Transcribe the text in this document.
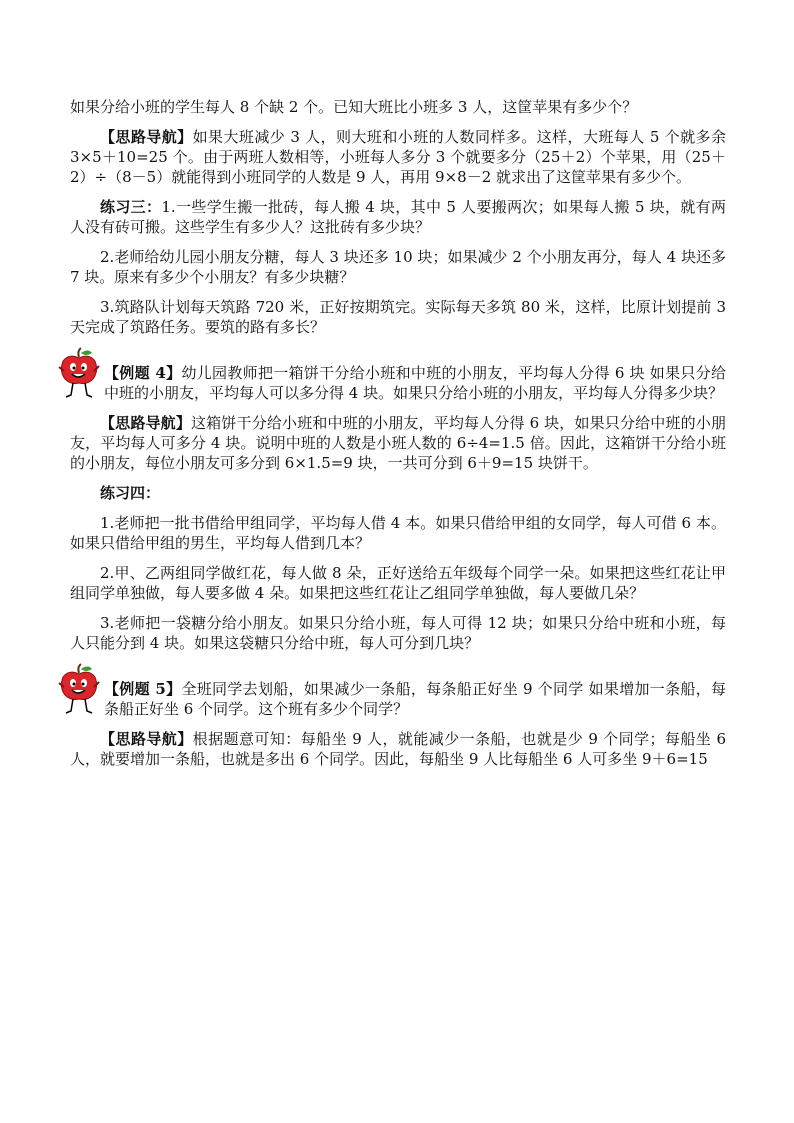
如果分给小班的学生每人 8 个缺 2 个。已知大班比小班多 3 人，这筐苹果有多少个？

【思路导航】如果大班减少 3 人，则大班和小班的人数同样多。这样，大班每人 5 个就多余 3×5＋10=25 个。由于两班人数相等，小班每人多分 3 个就要多分（25＋2）个苹果，用（25＋2）÷（8－5）就能得到小班同学的人数是 9 人，再用 9×8－2 就求出了这筐苹果有多少个。

练习三：1.一些学生搬一批砖，每人搬 4 块，其中 5 人要搬两次；如果每人搬 5 块，就有两人没有砖可搬。这些学生有多少人？这批砖有多少块？

2.老师给幼儿园小朋友分糖，每人 3 块还多 10 块；如果减少 2 个小朋友再分，每人 4 块还多 7 块。原来有多少个小朋友？有多少块糖？

3.筑路队计划每天筑路 720 米，正好按期筑完。实际每天多筑 80 米，这样，比原计划提前 3 天完成了筑路任务。要筑的路有多长？

【例题 4】幼儿园教师把一箱饼干分给小班和中班的小朋友，平均每人分得 6 块 如果只分给中班的小朋友，平均每人可以多分得 4 块。如果只分给小班的小朋友，平均每人分得多少块？

【思路导航】这箱饼干分给小班和中班的小朋友，平均每人分得 6 块，如果只分给中班的小朋友，平均每人可多分 4 块。说明中班的人数是小班人数的 6÷4=1.5 倍。因此，这箱饼干分给小班的小朋友，每位小朋友可多分到 6×1.5=9 块，一共可分到 6＋9=15 块饼干。

练习四：

1.老师把一批书借给甲组同学，平均每人借 4 本。如果只借给甲组的女同学，每人可借 6 本。如果只借给甲组的男生，平均每人借到几本？

2.甲、乙两组同学做红花，每人做 8 朵，正好送给五年级每个同学一朵。如果把这些红花让甲组同学单独做，每人要多做 4 朵。如果把这些红花让乙组同学单独做，每人要做几朵？

3.老师把一袋糖分给小朋友。如果只分给小班，每人可得 12 块；如果只分给中班和小班，每人只能分到 4 块。如果这袋糖只分给中班，每人可分到几块？

【例题 5】全班同学去划船，如果减少一条船，每条船正好坐 9 个同学 如果增加一条船，每条船正好坐 6 个同学。这个班有多少个同学？

【思路导航】根据题意可知：每船坐 9 人，就能减少一条船，也就是少 9 个同学；每船坐 6 人，就要增加一条船，也就是多出 6 个同学。因此，每船坐 9 人比每船坐 6 人可多坐 9＋6=15
